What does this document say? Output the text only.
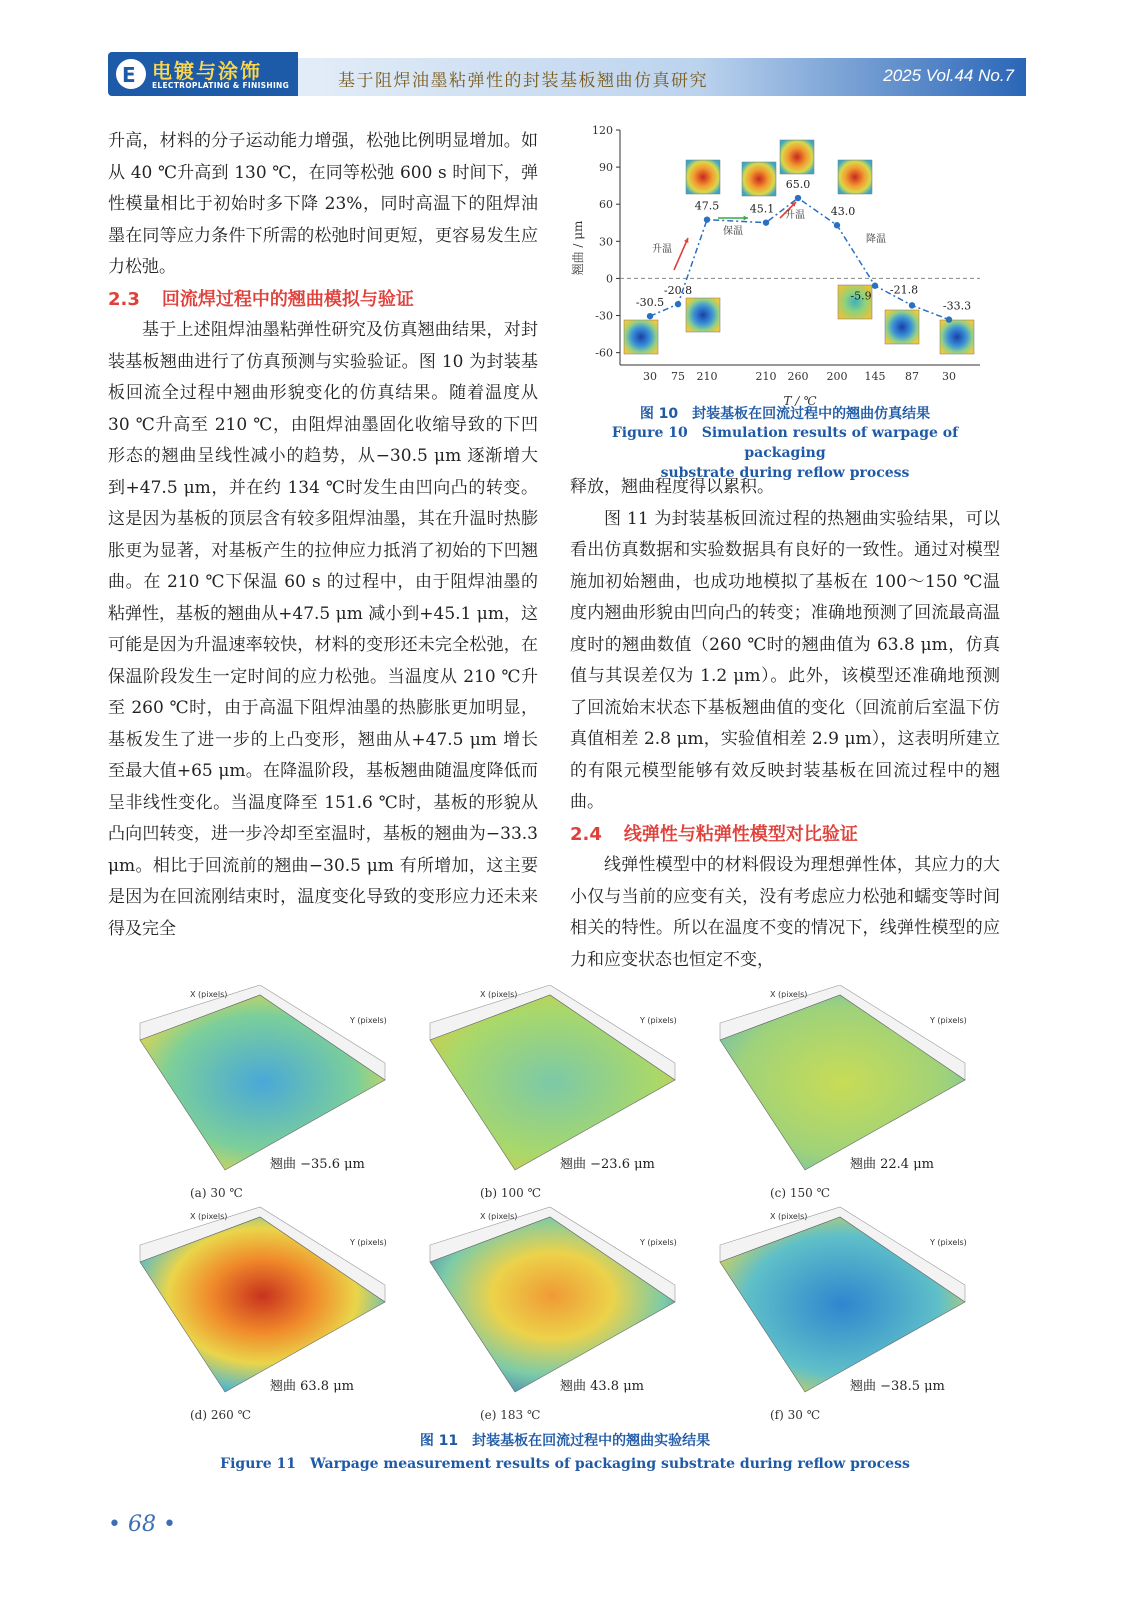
E 电镀与涂饰
ELECTROPLATING & FINISHING	基于阻焊油墨粘弹性的封装基板翘曲仿真研究	2025 Vol.44 No.7

升高，材料的分子运动能力增强，松弛比例明显增加。如从 40 ℃升高到 130 ℃，在同等松弛 600 s 时间下，弹性模量相比于初始时多下降 23%，同时高温下的阻焊油墨在同等应力条件下所需的松弛时间更短，更容易发生应力松弛。

2.3 回流焊过程中的翘曲模拟与验证

基于上述阻焊油墨粘弹性研究及仿真翘曲结果，对封装基板翘曲进行了仿真预测与实验验证。图 10 为封装基板回流全过程中翘曲形貌变化的仿真结果。随着温度从 30 ℃升高至 210 ℃，由阻焊油墨固化收缩导致的下凹形态的翘曲呈线性减小的趋势，从−30.5 μm 逐渐增大到+47.5 μm，并在约 134 ℃时发生由凹向凸的转变。这是因为基板的顶层含有较多阻焊油墨，其在升温时热膨胀更为显著，对基板产生的拉伸应力抵消了初始的下凹翘曲。在 210 ℃下保温 60 s 的过程中，由于阻焊油墨的粘弹性，基板的翘曲从+47.5 μm 减小到+45.1 μm，这可能是因为升温速率较快，材料的变形还未完全松弛，在保温阶段发生一定时间的应力松弛。当温度从 210 ℃升至 260 ℃时，由于高温下阻焊油墨的热膨胀更加明显，基板发生了进一步的上凸变形，翘曲从+47.5 μm 增长至最大值+65 μm。在降温阶段，基板翘曲随温度降低而呈非线性变化。当温度降至 151.6 ℃时，基板的形貌从凸向凹转变，进一步冷却至室温时，基板的翘曲为−33.3 μm。相比于回流前的翘曲−30.5 μm 有所增加，这主要是因为在回流刚结束时，温度变化导致的变形应力还未来得及完全

120
90
60
30
0
-30
-60
30 75 210	210 260 200 145 87 30
T / ℃
翘曲 / μm
-30.5
-20.8
47.5	45.1
65.0
43.0
-5.9 -21.8
-33.3
升温
保温
升温
降温
图 10　封装基板在回流过程中的翘曲仿真结果
Figure 10　Simulation results of warpage of packaging
substrate during reflow process

释放，翘曲程度得以累积。

图 11 为封装基板回流过程的热翘曲实验结果，可以看出仿真数据和实验数据具有良好的一致性。通过对模型施加初始翘曲，也成功地模拟了基板在 100～150 ℃温度内翘曲形貌由凹向凸的转变；准确地预测了回流最高温度时的翘曲数值（260 ℃时的翘曲值为 63.8 μm，仿真值与其误差仅为 1.2 μm）。此外，该模型还准确地预测了回流始末状态下基板翘曲值的变化（回流前后室温下仿真值相差 2.8 μm，实验值相差 2.9 μm），这表明所建立的有限元模型能够有效反映封装基板在回流过程中的翘曲。

2.4 线弹性与粘弹性模型对比验证

线弹性模型中的材料假设为理想弹性体，其应力的大小仅与当前的应变有关，没有考虑应力松弛和蠕变等时间相关的特性。所以在温度不变的情况下，线弹性模型的应力和应变状态也恒定不变，

X (pixels)
Y (pixels)
翘曲 −35.6 μm
(a) 30 ℃
X (pixels)
Y (pixels)
翘曲 −23.6 μm
(b) 100 ℃
X (pixels)
Y (pixels)
翘曲 22.4 μm
(c) 150 ℃
X (pixels)
Y (pixels)
翘曲 63.8 μm
(d) 260 ℃
X (pixels)
Y (pixels)
翘曲 43.8 μm
(e) 183 ℃
X (pixels)
Y (pixels)
翘曲 −38.5 μm
(f) 30 ℃
图 11　封装基板在回流过程中的翘曲实验结果
Figure 11　Warpage measurement results of packaging substrate during reflow process
• 68 •
